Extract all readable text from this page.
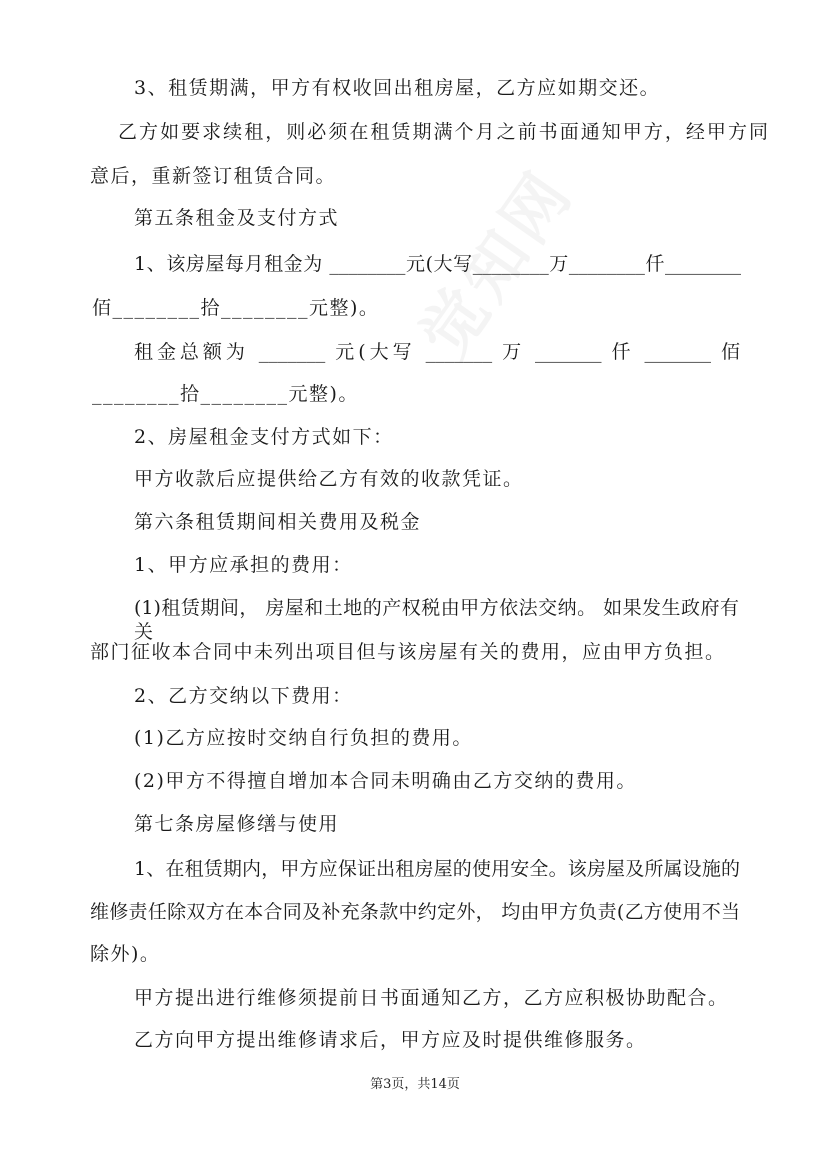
3、租赁期满，甲方有权收回出租房屋，乙方应如期交还。
乙方如要求续租，则必须在租赁期满个月之前书面通知甲方，经甲方同
意后，重新签订租赁合同。
第五条租金及支付方式
1、该房屋每月租金为 ________元(大写________万________仟________
佰________拾________元整)。
租金总额为 _______ 元(大写 _______ 万 _______ 仟 _______ 佰
________拾________元整)。
2、房屋租金支付方式如下：
甲方收款后应提供给乙方有效的收款凭证。
第六条租赁期间相关费用及税金
1、甲方应承担的费用：
(1)租赁期间， 房屋和土地的产权税由甲方依法交纳。 如果发生政府有关
部门征收本合同中未列出项目但与该房屋有关的费用，应由甲方负担。
2、乙方交纳以下费用：
(1)乙方应按时交纳自行负担的费用。
(2)甲方不得擅自增加本合同未明确由乙方交纳的费用。
第七条房屋修缮与使用
1、在租赁期内，甲方应保证出租房屋的使用安全。该房屋及所属设施的
维修责任除双方在本合同及补充条款中约定外， 均由甲方负责(乙方使用不当
除外)。
甲方提出进行维修须提前日书面通知乙方，乙方应积极协助配合。
乙方向甲方提出维修请求后，甲方应及时提供维修服务。
第3页，共14页
